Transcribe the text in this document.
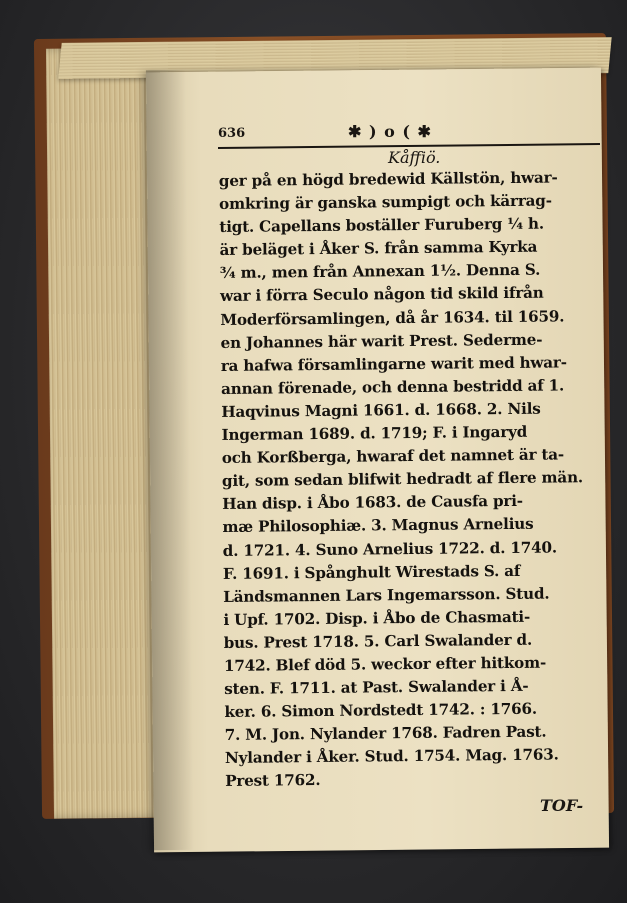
636	✱ ) o ( ✱
Kåffiö.
ger på en högd bredewid Källstön, hwar-
omkring är ganska sumpigt och kärrag-
tigt. Capellans boställer Furuberg ¼ h.
är beläget i Åker S. från samma Kyrka
¾ m., men från Annexan 1½. Denna S.
war i förra Seculo någon tid skild ifrån
Moderförsamlingen, då år 1634. til 1659.
en Johannes här warit Prest. Sederme-
ra hafwa församlingarne warit med hwar-
annan förenade, och denna bestridd af 1.
Haqvinus Magni 1661. d. 1668. 2. Nils
Ingerman 1689. d. 1719; F. i Ingaryd
och Korßberga, hwaraf det namnet är ta-
git, som sedan blifwit hedradt af flere män.
Han disp. i Åbo 1683. de Causfa pri-
mæ Philosophiæ. 3. Magnus Arnelius
d. 1721. 4. Suno Arnelius 1722. d. 1740.
F. 1691. i Spånghult Wirestads S. af
Ländsmannen Lars Ingemarsson. Stud.
i Upf. 1702. Disp. i Åbo de Chasmati-
bus. Prest 1718. 5. Carl Swalander d.
1742. Blef död 5. weckor efter hitkom-
sten. F. 1711. at Past. Swalander i Å-
ker. 6. Simon Nordstedt 1742. : 1766.
7. M. Jon. Nylander 1768. Fadren Past.
Nylander i Åker. Stud. 1754. Mag. 1763.
Prest 1762.
TOF-
